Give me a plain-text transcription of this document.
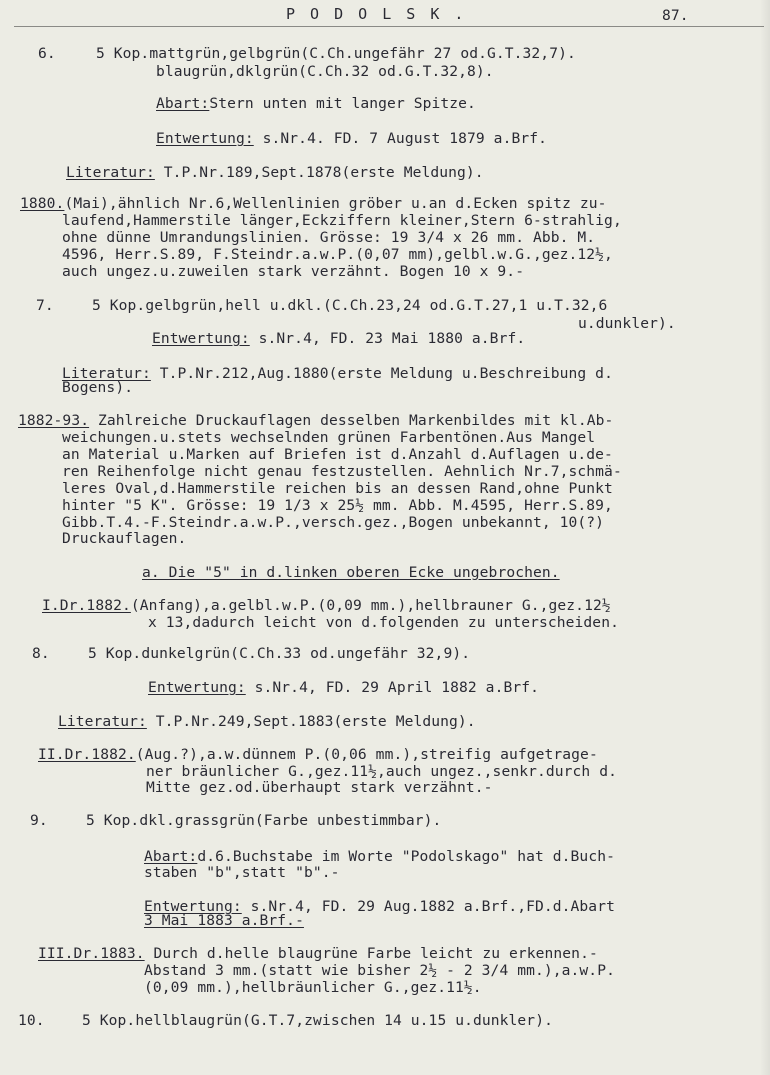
P O D O L S K .	87.
6.	5 Kop.mattgrün,gelbgrün(C.Ch.ungefähr 27 od.G.T.32,7).
blaugrün,dklgrün(C.Ch.32 od.G.T.32,8).
Abart:Stern unten mit langer Spitze.
Entwertung: s.Nr.4. FD. 7 August 1879 a.Brf.
Literatur: T.P.Nr.189,Sept.1878(erste Meldung).
1880.(Mai),ähnlich Nr.6,Wellenlinien gröber u.an d.Ecken spitz zu-
laufend,Hammerstile länger,Eckziffern kleiner,Stern 6-strahlig,
ohne dünne Umrandungslinien. Grösse: 19 3/4 x 26 mm. Abb. M.
4596, Herr.S.89, F.Steindr.a.w.P.(0,07 mm),gelbl.w.G.,gez.12½,
auch ungez.u.zuweilen stark verzähnt. Bogen 10 x 9.-
7.	5 Kop.gelbgrün,hell u.dkl.(C.Ch.23,24 od.G.T.27,1 u.T.32,6
u.dunkler).
Entwertung: s.Nr.4, FD. 23 Mai 1880 a.Brf.
Literatur: T.P.Nr.212,Aug.1880(erste Meldung u.Beschreibung d.
Bogens).
1882-93. Zahlreiche Druckauflagen desselben Markenbildes mit kl.Ab-
weichungen.u.stets wechselnden grünen Farbentönen.Aus Mangel
an Material u.Marken auf Briefen ist d.Anzahl d.Auflagen u.de-
ren Reihenfolge nicht genau festzustellen. Aehnlich Nr.7,schmä-
leres Oval,d.Hammerstile reichen bis an dessen Rand,ohne Punkt
hinter "5 K". Grösse: 19 1/3 x 25½ mm. Abb. M.4595, Herr.S.89,
Gibb.T.4.-F.Steindr.a.w.P.,versch.gez.,Bogen unbekannt, 10(?)
Druckauflagen.
a. Die "5" in d.linken oberen Ecke ungebrochen.
I.Dr.1882.(Anfang),a.gelbl.w.P.(0,09 mm.),hellbrauner G.,gez.12½
x 13,dadurch leicht von d.folgenden zu unterscheiden.
8.	5 Kop.dunkelgrün(C.Ch.33 od.ungefähr 32,9).
Entwertung: s.Nr.4, FD. 29 April 1882 a.Brf.
Literatur: T.P.Nr.249,Sept.1883(erste Meldung).
II.Dr.1882.(Aug.?),a.w.dünnem P.(0,06 mm.),streifig aufgetrage-
ner bräunlicher G.,gez.11½,auch ungez.,senkr.durch d.
Mitte gez.od.überhaupt stark verzähnt.-
9.	5 Kop.dkl.grassgrün(Farbe unbestimmbar).
Abart:d.6.Buchstabe im Worte "Podolskago" hat d.Buch-
staben "b",statt "b".-
Entwertung: s.Nr.4, FD. 29 Aug.1882 a.Brf.,FD.d.Abart
3 Mai 1883 a.Brf.-
III.Dr.1883. Durch d.helle blaugrüne Farbe leicht zu erkennen.-
Abstand 3 mm.(statt wie bisher 2½ - 2 3/4 mm.),a.w.P.
(0,09 mm.),hellbräunlicher G.,gez.11½.
10.	5 Kop.hellblaugrün(G.T.7,zwischen 14 u.15 u.dunkler).
